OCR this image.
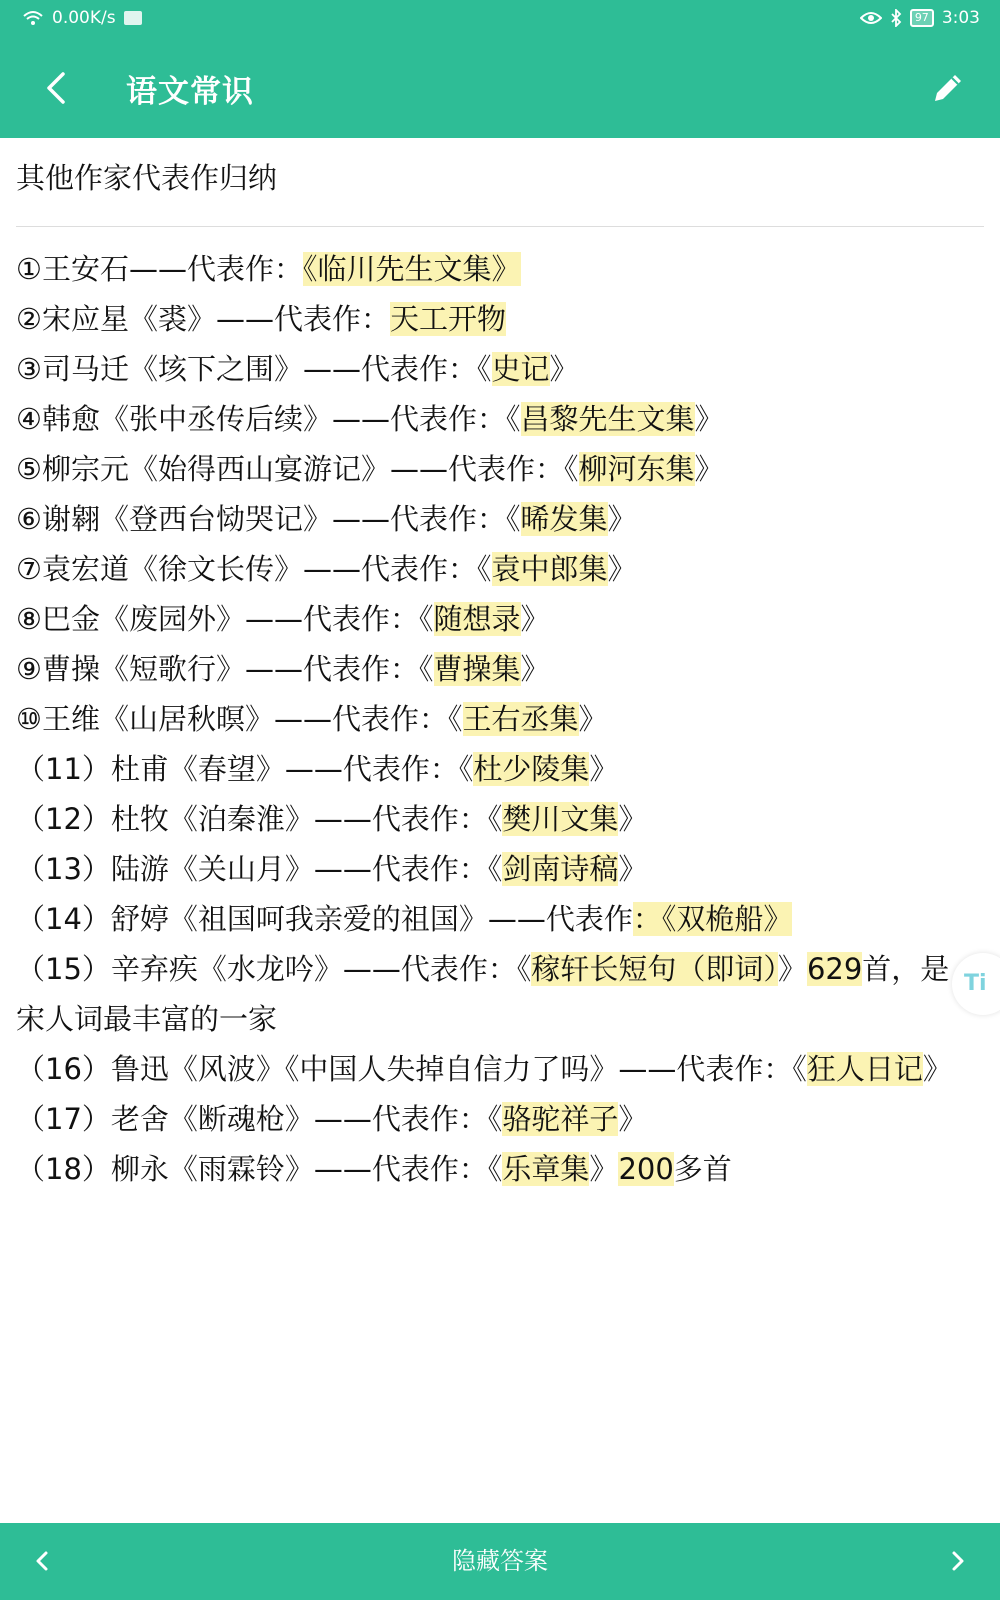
0.00K/s	97 3:03
语文常识
其他作家代表作归纳
①王安石——代表作：《临川先生文集》
②宋应星《裘》——代表作：天工开物
③司马迁《垓下之围》——代表作：《史记》
④韩愈《张中丞传后续》——代表作：《昌黎先生文集》
⑤柳宗元《始得西山宴游记》——代表作：《柳河东集》
⑥谢翱《登西台恸哭记》——代表作：《晞发集》
⑦袁宏道《徐文长传》——代表作：《袁中郎集》
⑧巴金《废园外》——代表作：《随想录》
⑨曹操《短歌行》——代表作：《曹操集》
⑩王维《山居秋暝》——代表作：《王右丞集》
（11）杜甫《春望》——代表作：《杜少陵集》
（12）杜牧《泊秦淮》——代表作：《樊川文集》
（13）陆游《关山月》——代表作：《剑南诗稿》
（14）舒婷《祖国呵我亲爱的祖国》——代表作：《双桅船》
（15）辛弃疾《水龙吟》——代表作：《稼轩长短句（即词）》629首，是宋人词最丰富的一家
（16）鲁迅《风波》《中国人失掉自信力了吗》——代表作：《狂人日记》
（17）老舍《断魂枪》——代表作：《骆驼祥子》
（18）柳永《雨霖铃》——代表作：《乐章集》200多首
Ti
隐藏答案
